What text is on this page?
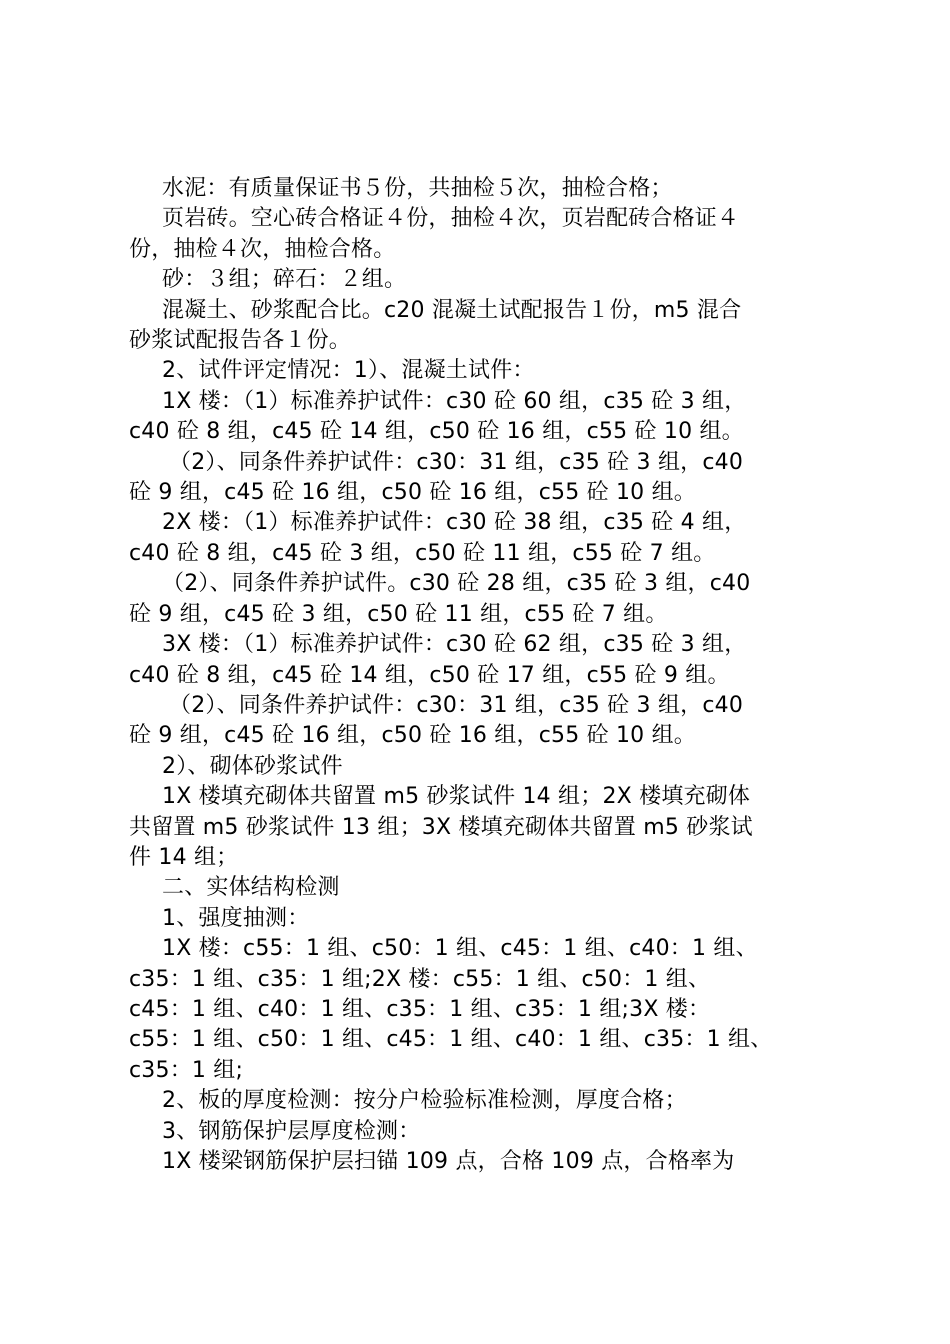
水泥：有质量保证书５份，共抽检５次，抽检合格；
页岩砖。空心砖合格证４份，抽检４次，页岩配砖合格证４
份，抽检４次，抽检合格。
砂：３组；碎石：２组。
混凝土、砂浆配合比。c20 混凝土试配报告１份，m5 混合
砂浆试配报告各１份。
2、试件评定情况：1）、混凝土试件：
1X 楼：（1）标准养护试件：c30 砼 60 组，c35 砼 3 组，
c40 砼 8 组，c45 砼 14 组，c50 砼 16 组，c55 砼 10 组。
（2）、同条件养护试件：c30：31 组，c35 砼 3 组，c40
砼 9 组，c45 砼 16 组，c50 砼 16 组，c55 砼 10 组。
2X 楼：（1）标准养护试件：c30 砼 38 组，c35 砼 4 组，
c40 砼 8 组，c45 砼 3 组，c50 砼 11 组，c55 砼 7 组。
（2）、同条件养护试件。c30 砼 28 组，c35 砼 3 组，c40
砼 9 组，c45 砼 3 组，c50 砼 11 组，c55 砼 7 组。
3X 楼：（1）标准养护试件：c30 砼 62 组，c35 砼 3 组，
c40 砼 8 组，c45 砼 14 组，c50 砼 17 组，c55 砼 9 组。
（2）、同条件养护试件：c30：31 组，c35 砼 3 组，c40
砼 9 组，c45 砼 16 组，c50 砼 16 组，c55 砼 10 组。
2）、砌体砂浆试件
1X 楼填充砌体共留置 m5 砂浆试件 14 组；2X 楼填充砌体
共留置 m5 砂浆试件 13 组；3X 楼填充砌体共留置 m5 砂浆试
件 14 组；
二、实体结构检测
1、强度抽测：
1X 楼：c55：1 组、c50：1 组、c45：1 组、c40：1 组、
c35：1 组、c35：1 组;2X 楼：c55：1 组、c50：1 组、
c45：1 组、c40：1 组、c35：1 组、c35：1 组;3X 楼：
c55：1 组、c50：1 组、c45：1 组、c40：1 组、c35：1 组、
c35：1 组;
2、板的厚度检测：按分户检验标准检测，厚度合格；
3、钢筋保护层厚度检测：
1X 楼梁钢筋保护层扫锚 109 点，合格 109 点，合格率为
